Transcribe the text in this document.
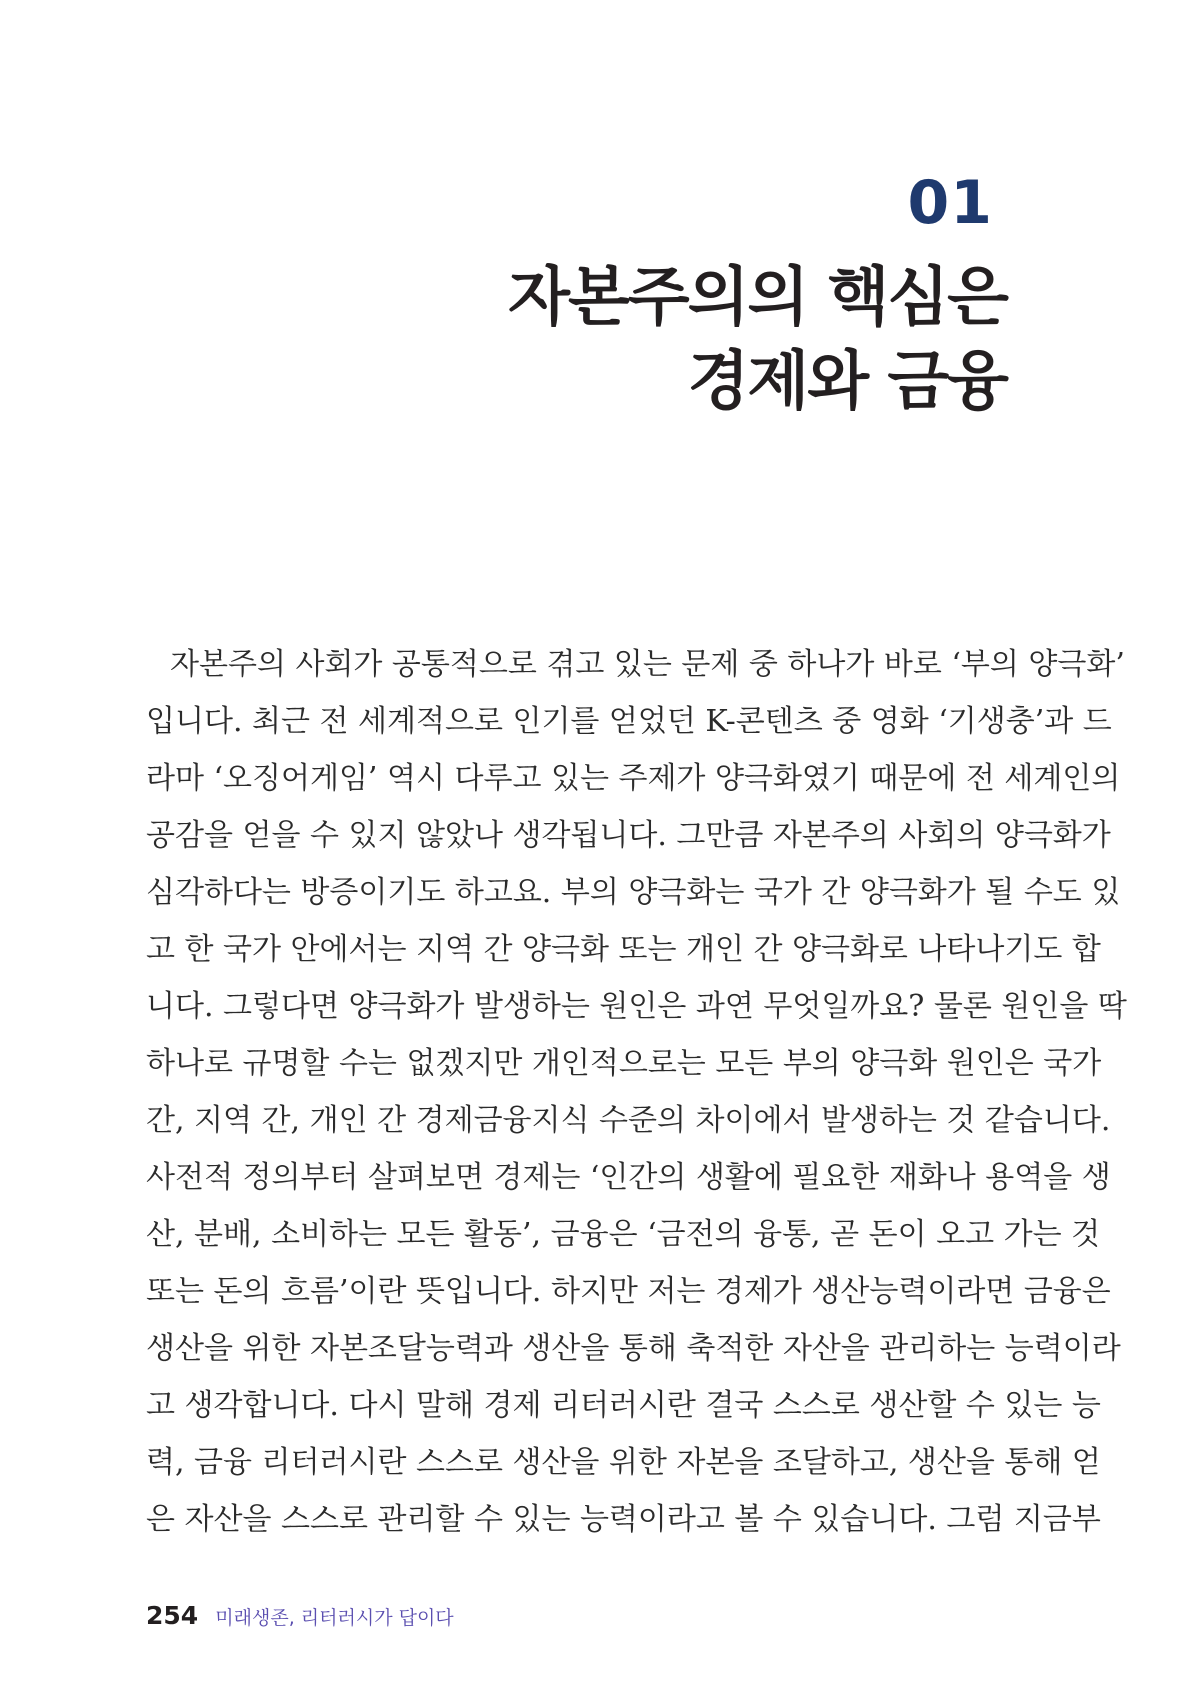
01
자본주의의 핵심은
경제와 금융
자본주의 사회가 공통적으로 겪고 있는 문제 중 하나가 바로 ‘부의 양극화’
입니다. 최근 전 세계적으로 인기를 얻었던 K-콘텐츠 중 영화 ‘기생충’과 드
라마 ‘오징어게임’ 역시 다루고 있는 주제가 양극화였기 때문에 전 세계인의
공감을 얻을 수 있지 않았나 생각됩니다. 그만큼 자본주의 사회의 양극화가
심각하다는 방증이기도 하고요. 부의 양극화는 국가 간 양극화가 될 수도 있
고 한 국가 안에서는 지역 간 양극화 또는 개인 간 양극화로 나타나기도 합
니다. 그렇다면 양극화가 발생하는 원인은 과연 무엇일까요? 물론 원인을 딱
하나로 규명할 수는 없겠지만 개인적으로는 모든 부의 양극화 원인은 국가
간, 지역 간, 개인 간 경제금융지식 수준의 차이에서 발생하는 것 같습니다.
사전적 정의부터 살펴보면 경제는 ‘인간의 생활에 필요한 재화나 용역을 생
산, 분배, 소비하는 모든 활동’, 금융은 ‘금전의 융통, 곧 돈이 오고 가는 것
또는 돈의 흐름’이란 뜻입니다. 하지만 저는 경제가 생산능력이라면 금융은
생산을 위한 자본조달능력과 생산을 통해 축적한 자산을 관리하는 능력이라
고 생각합니다. 다시 말해 경제 리터러시란 결국 스스로 생산할 수 있는 능
력, 금융 리터러시란 스스로 생산을 위한 자본을 조달하고, 생산을 통해 얻
은 자산을 스스로 관리할 수 있는 능력이라고 볼 수 있습니다. 그럼 지금부
254 미래생존, 리터러시가 답이다
